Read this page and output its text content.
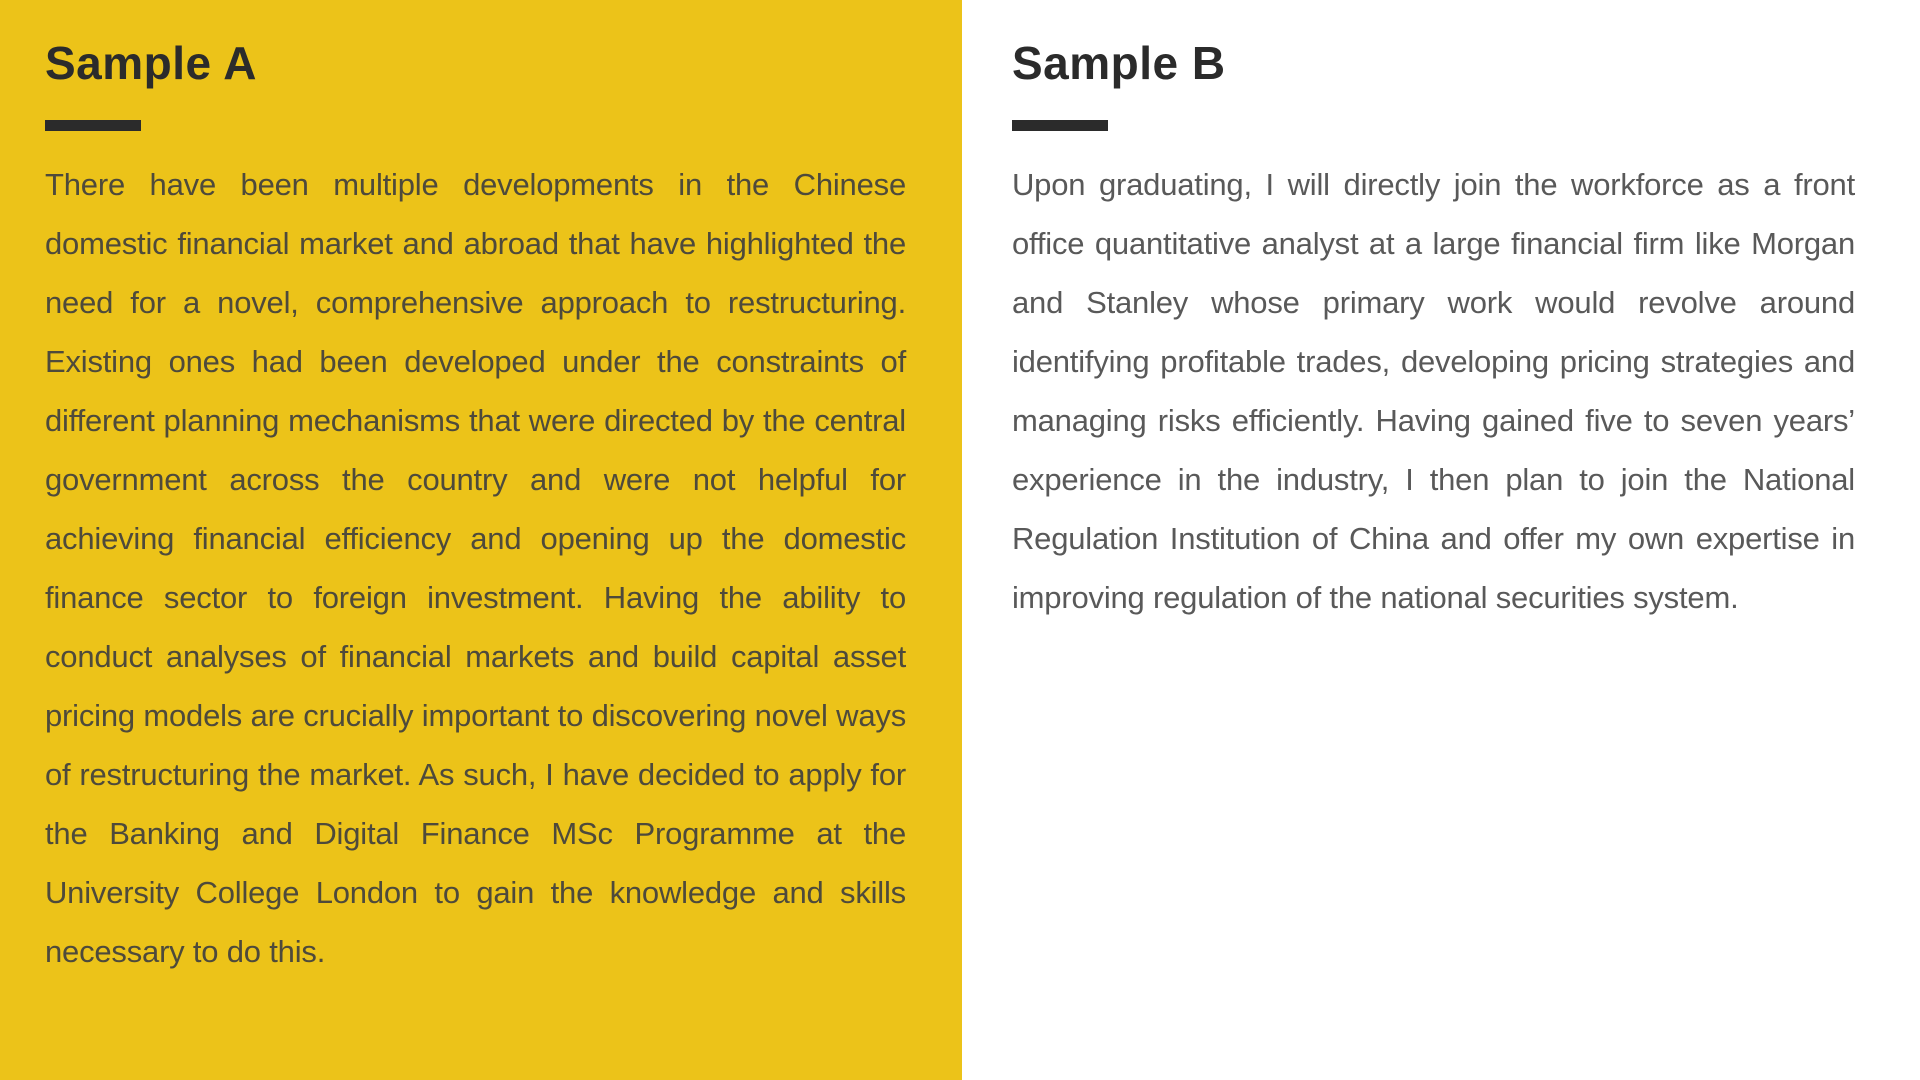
Sample A

There have been multiple developments in the Chinese domestic financial market and abroad that have highlighted the need for a novel, comprehensive approach to restructuring. Existing ones had been developed under the constraints of different planning mechanisms that were directed by the central government across the country and were not helpful for achieving financial efficiency and opening up the domestic finance sector to foreign investment. Having the ability to conduct analyses of financial markets and build capital asset pricing models are crucially important to discovering novel ways of restructuring the market. As such, I have decided to apply for the Banking and Digital Finance MSc Programme at the University College London to gain the knowledge and skills necessary to do this.

Sample B

Upon graduating, I will directly join the workforce as a front office quantitative analyst at a large financial firm like Morgan and Stanley whose primary work would revolve around identifying profitable trades, developing pricing strategies and managing risks efficiently. Having gained five to seven years’ experience in the industry, I then plan to join the National Regulation Institution of China and offer my own expertise in improving regulation of the national securities system.
